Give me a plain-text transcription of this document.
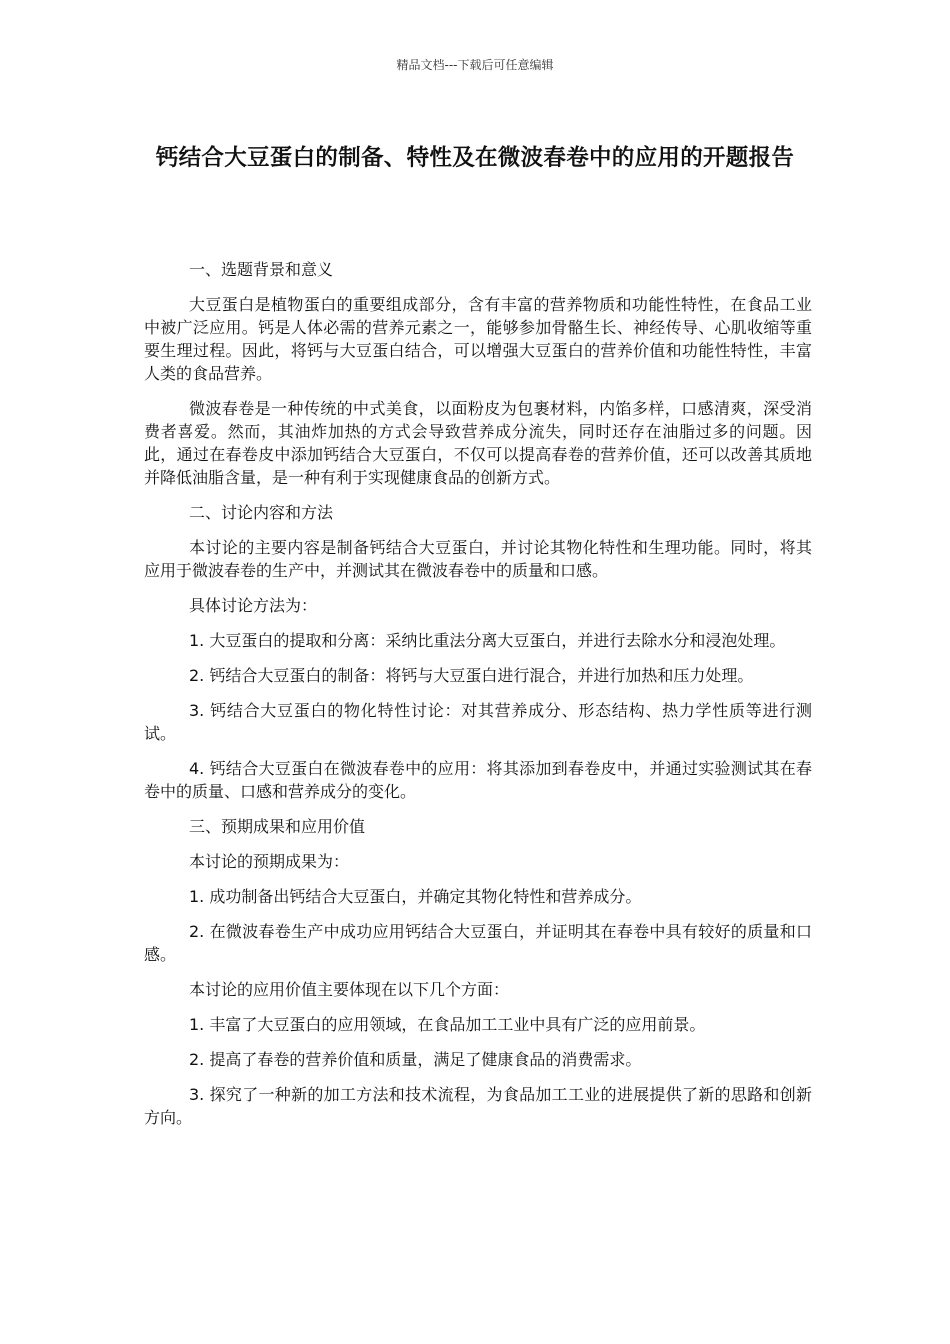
精品文档---下载后可任意编辑
钙结合大豆蛋白的制备、特性及在微波春卷中的应用的开题报告

一、选题背景和意义

大豆蛋白是植物蛋白的重要组成部分，含有丰富的营养物质和功能性特性，在食品工业中被广泛应用。钙是人体必需的营养元素之一，能够参加骨骼生长、神经传导、心肌收缩等重要生理过程。因此，将钙与大豆蛋白结合，可以增强大豆蛋白的营养价值和功能性特性，丰富人类的食品营养。

微波春卷是一种传统的中式美食，以面粉皮为包裹材料，内馅多样，口感清爽，深受消费者喜爱。然而，其油炸加热的方式会导致营养成分流失，同时还存在油脂过多的问题。因此，通过在春卷皮中添加钙结合大豆蛋白，不仅可以提高春卷的营养价值，还可以改善其质地并降低油脂含量，是一种有利于实现健康食品的创新方式。

二、讨论内容和方法

本讨论的主要内容是制备钙结合大豆蛋白，并讨论其物化特性和生理功能。同时，将其应用于微波春卷的生产中，并测试其在微波春卷中的质量和口感。

具体讨论方法为：

1. 大豆蛋白的提取和分离：采纳比重法分离大豆蛋白，并进行去除水分和浸泡处理。

2. 钙结合大豆蛋白的制备：将钙与大豆蛋白进行混合，并进行加热和压力处理。

3. 钙结合大豆蛋白的物化特性讨论：对其营养成分、形态结构、热力学性质等进行测试。

4. 钙结合大豆蛋白在微波春卷中的应用：将其添加到春卷皮中，并通过实验测试其在春卷中的质量、口感和营养成分的变化。

三、预期成果和应用价值

本讨论的预期成果为：

1. 成功制备出钙结合大豆蛋白，并确定其物化特性和营养成分。

2. 在微波春卷生产中成功应用钙结合大豆蛋白，并证明其在春卷中具有较好的质量和口感。

本讨论的应用价值主要体现在以下几个方面：

1. 丰富了大豆蛋白的应用领域，在食品加工工业中具有广泛的应用前景。

2. 提高了春卷的营养价值和质量，满足了健康食品的消费需求。

3. 探究了一种新的加工方法和技术流程，为食品加工工业的进展提供了新的思路和创新方向。
